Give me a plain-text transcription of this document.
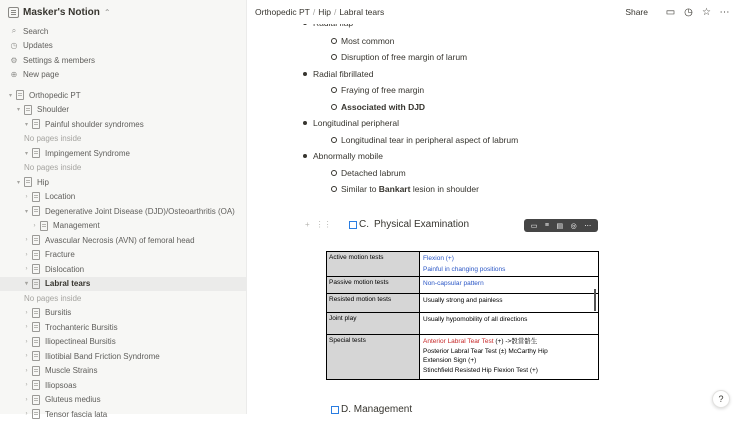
Masker's Notion ⌃
⌕ Search
◷ Updates
⚙ Settings & members
⊕ New page
▾	Orthopedic PT
▾	Shoulder
▾	Painful shoulder syndromes
No pages inside
▾	Impingement Syndrome
No pages inside
▾	Hip
›	Location
▾	Degenerative Joint Disease (DJD)/Osteoarthritis (OA)
›	Management
›	Avascular Necrosis (AVN) of femoral head
›	Fracture
›	Dislocation
▾	Labral tears
No pages inside
›	Bursitis
›	Trochanteric Bursitis
›	Iliopectineal Bursitis
›	Iliotibial Band Friction Syndrome
›	Muscle Strains
›	Iliopsoas
›	Gluteus medius
›	Tensor fascia lata
Orthopedic PT / Hip / Labral tears	Share ▭ ◷ ☆ ⋯
Most common
Disruption of free margin of larum
Radial fibrillated
Fraying of free margin
Associated with DJD
Longitudinal peripheral
Longitudinal tear in peripheral aspect of labrum
Abnormally mobile
Detached labrum
Similar to Bankart lesion in shoulder
+ ⋮⋮	C. Physical Examination	▭ ≡ ▤ ◎ ⋯
Active motion tests	Flexion (+)
Painful in changing positions
Passive motion tests	Non-capsular pattern
Resisted motion tests	Usually strong and painless
Joint play	Usually hypomobility of all directions
Special tests	Anterior Labral Tear Test (+) ->骰當骼生
Posterior Labral Tear Test (±) McCarthy Hip
Extension Sign (+)
Stinchfield Resisted Hip Flexion Test (+)
D. Management
?
